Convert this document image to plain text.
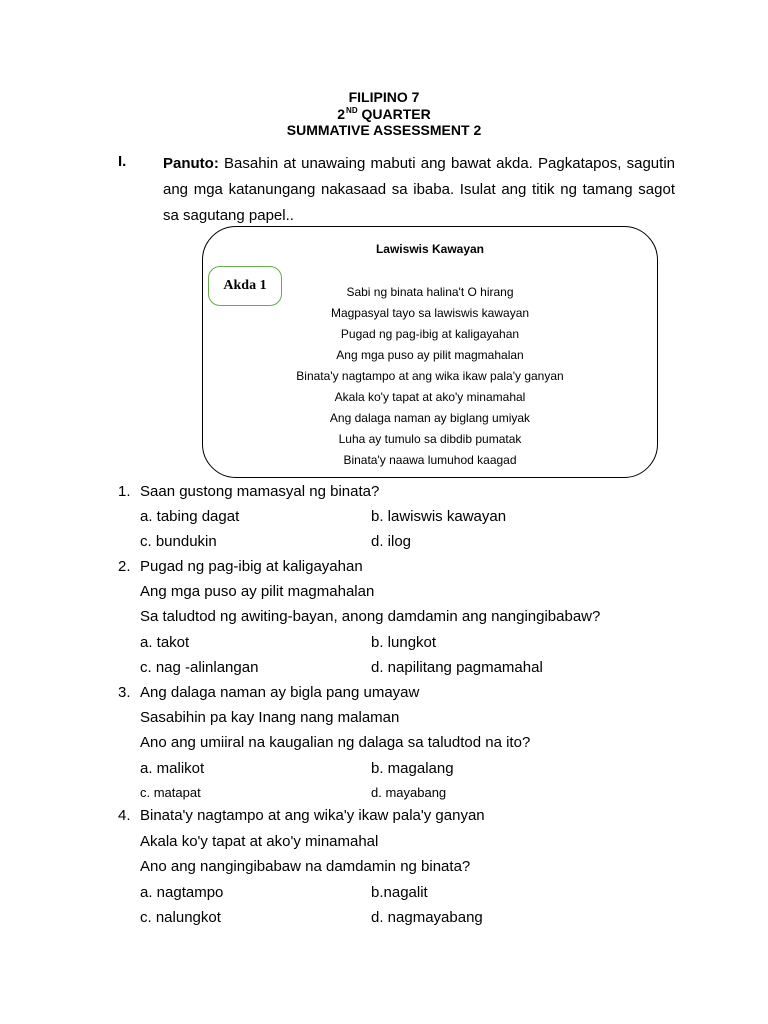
FILIPINO 7
2ND QUARTER
SUMMATIVE ASSESSMENT 2
I. Panuto: Basahin at unawaing mabuti ang bawat akda. Pagkatapos, sagutin ang mga katanungang nakasaad sa ibaba. Isulat ang titik ng tamang sagot sa sagutang papel..
Lawiswis Kawayan
Akda 1	Sabi ng binata halina't O hirang
Magpasyal tayo sa lawiswis kawayan
Pugad ng pag-ibig at kaligayahan
Ang mga puso ay pilit magmahalan
Binata'y nagtampo at ang wika ikaw pala'y ganyan
Akala ko'y tapat at ako'y minamahal
Ang dalaga naman ay biglang umiyak
Luha ay tumulo sa dibdib pumatak
Binata'y naawa lumuhod kaagad
1. Saan gustong mamasyal ng binata?
a. tabing dagat	b. lawiswis kawayan
c. bundukin	d. ilog
2. Pugad ng pag-ibig at kaligayahan
Ang mga puso ay pilit magmahalan
Sa taludtod ng awiting-bayan, anong damdamin ang nangingibabaw?
a. takot	b. lungkot
c. nag -alinlangan	d. napilitang pagmamahal
3. Ang dalaga naman ay bigla pang umayaw
Sasabihin pa kay Inang nang malaman
Ano ang umiiral na kaugalian ng dalaga sa taludtod na ito?
a. malikot	b. magalang
c. matapat	d. mayabang
4. Binata'y nagtampo at ang wika'y ikaw pala'y ganyan
Akala ko'y tapat at ako'y minamahal
Ano ang nangingibabaw na damdamin ng binata?
a. nagtampo	b.nagalit
c. nalungkot	d. nagmayabang
